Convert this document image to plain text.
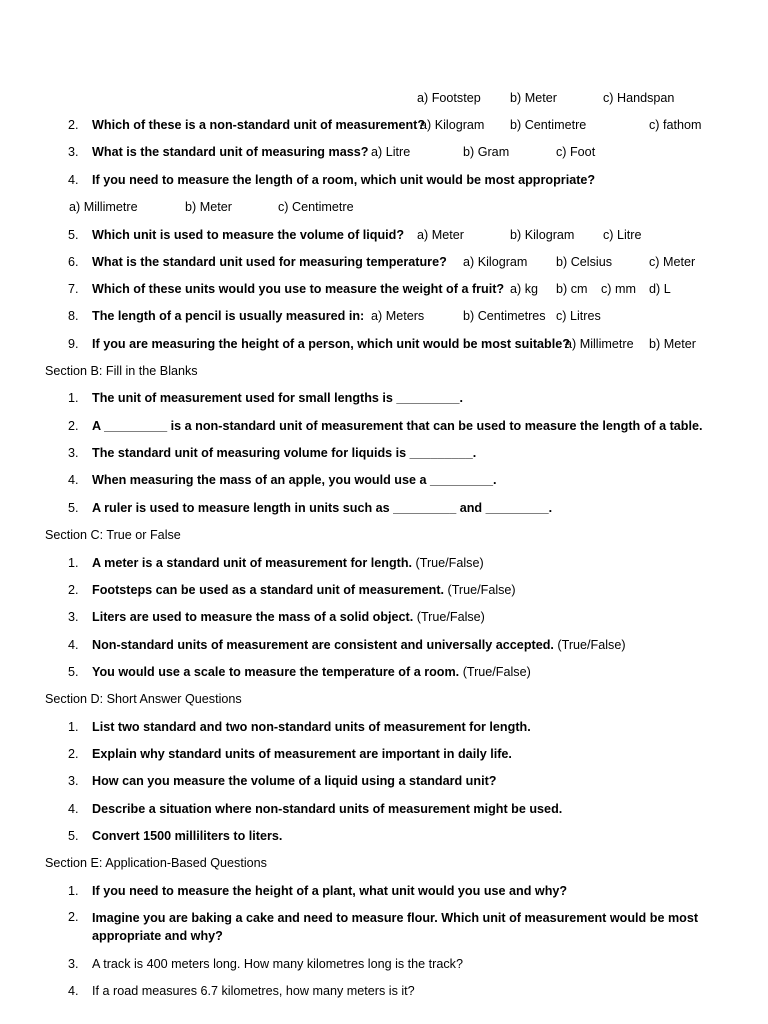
a) Footstep b) Meter	c) Handspan
2. Which of these is a non-standard unit of measurement?
a) Kilogram b) Centimetre	c) fathom
3. What is the standard unit of measuring mass? a) Litre	b) Gram	c) Foot
4. If you need to measure the length of a room, which unit would be most appropriate?
a) Millimetre	b) Meter	c) Centimetre
5. Which unit is used to measure the volume of liquid? a) Meter	b) Kilogram c) Litre
6. What is the standard unit used for measuring temperature? a) Kilogram b) Celsius	c) Meter
7. Which of these units would you use to measure the weight of a fruit? a) kg b) cm c) mm d) L
8. The length of a pencil is usually measured in: a) Meters	b) Centimetres c) Litres
9. If you are measuring the height of a person, which unit would be most suitable?
a) Millimetre b) Meter
Section B: Fill in the Blanks
1. The unit of measurement used for small lengths is _________.
2. A _________ is a non-standard unit of measurement that can be used to measure the length of a table.
3. The standard unit of measuring volume for liquids is _________.
4. When measuring the mass of an apple, you would use a _________.
5. A ruler is used to measure length in units such as _________ and _________.
Section C: True or False
1. A meter is a standard unit of measurement for length. (True/False)
2. Footsteps can be used as a standard unit of measurement. (True/False)
3. Liters are used to measure the mass of a solid object. (True/False)
4. Non-standard units of measurement are consistent and universally accepted. (True/False)
5. You would use a scale to measure the temperature of a room. (True/False)
Section D: Short Answer Questions
1. List two standard and two non-standard units of measurement for length.
2. Explain why standard units of measurement are important in daily life.
3. How can you measure the volume of a liquid using a standard unit?
4. Describe a situation where non-standard units of measurement might be used.
5. Convert 1500 milliliters to liters.
Section E: Application-Based Questions
1. If you need to measure the height of a plant, what unit would you use and why?
2. Imagine you are baking a cake and need to measure flour. Which unit of measurement would be most appropriate and why?
3. A track is 400 meters long. How many kilometres long is the track?
4. If a road measures 6.7 kilometres, how many meters is it?
